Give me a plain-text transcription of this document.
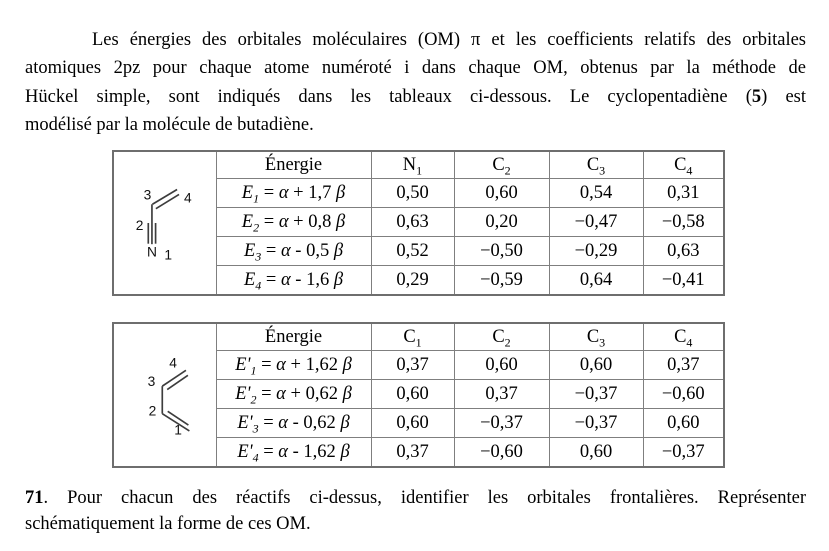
Les énergies des orbitales moléculaires (OM) π et les coefficients relatifs des orbitales
atomiques 2pz pour chaque atome numéroté i dans chaque OM, obtenus par la méthode de
Hückel simple, sont indiqués dans les tableaux ci-dessous. Le cyclopentadiène (5) est
modélisé par la molécule de butadiène.
3 4
2
N 1	Énergie	$N_1$	$C_2$	$C_3$	$C_4$
	$E_1 = \alpha + 1,7$ β	0,50	0,60	0,54	0,31
	$E_2 = \alpha + 0,8$ β	0,63	0,20	−0,47	−0,58
	$E_3 = \alpha - 0,5$ β	0,52	−0,50	−0,29	0,63
	$E_4 = \alpha - 1,6$ β	0,29	−0,59	0,64	−0,41
4
3
2
1	Énergie	$C_1$	$C_2$	$C_3$	$C_4$
	$E'_1 = \alpha + 1,62$ β	0,37	0,60	0,60	0,37
	$E'_2 = \alpha + 0,62$ β	0,60	0,37	−0,37	−0,60
	$E'_3 = \alpha - 0,62$ β	0,60	−0,37	−0,37	0,60
	$E'_4 = \alpha - 1,62$ β	0,37	−0,60	0,60	−0,37
71. Pour chacun des réactifs ci-dessus, identifier les orbitales frontalières. Représenter
schématiquement la forme de ces OM.
